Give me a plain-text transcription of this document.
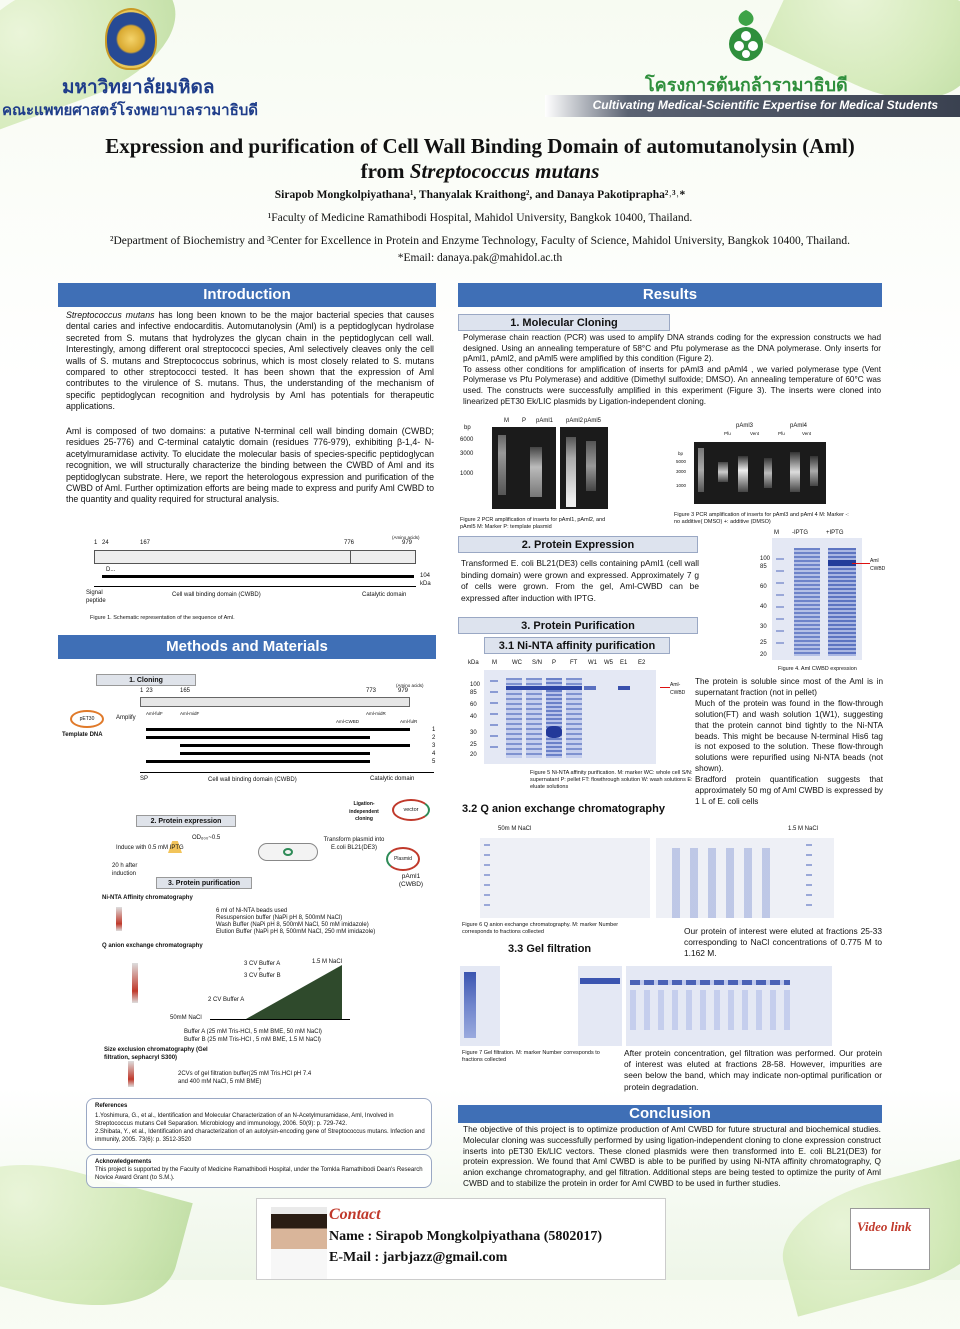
มหาวิทยาลัยมหิดล
คณะแพทยศาสตร์โรงพยาบาลรามาธิบดี
โครงการต้นกล้ารามาธิบดี
Cultivating Medical-Scientific Expertise for Medical Students
Expression and purification of Cell Wall Binding Domain of automutanolysin (Aml)
from Streptococcus mutans
Sirapob Mongkolpiyathana¹, Thanyalak Kraithong², and Danaya Pakotiprapha²˒³˒*
¹Faculty of Medicine Ramathibodi Hospital, Mahidol University, Bangkok 10400, Thailand.
²Department of Biochemistry and ³Center for Excellence in Protein and Enzyme Technology, Faculty of Science, Mahidol University, Bangkok 10400, Thailand.
*Email: danaya.pak@mahidol.ac.th
Introduction
Streptococcus mutans has long been known to be the major bacterial species that causes dental caries and infective endocarditis. Automutanolysin (Aml) is a peptidoglycan hydrolase secreted from S. mutans that hydrolyzes the glycan chain in the peptidoglycan cell wall. Interestingly, among different oral streptococci species, Aml selectively cleaves only the cell walls of S. mutans and Streptococcus sobrinus, which is most closely related to S. mutans compared to other streptococci tested. It has been shown that the expression of Aml contributes to the virulence of S. mutans. Thus, the understanding of the mechanism of specific peptidoglycan recognition and hydrolysis by Aml has potentials for therapeutic applications.
Aml is composed of two domains: a putative N-terminal cell wall binding domain (CWBD; residues 25-776) and C-terminal catalytic domain (residues 776-979), exhibiting β-1,4- N-acetylmuramidase activity. To elucidate the molecular basis of species-specific peptidoglycan recognition, we will structurally characterize the binding between the CWBD of Aml and its peptidoglycan substrate. Here, we report the heterologous expression and purification of the CWBD of Aml. Further optimization efforts are being made to express and purify Aml CWBD to the quantity and quality required for structural analysis.
1 24	167	776
(Amino acids)
979
D...
104 kDa
Signal peptide
Cell wall binding domain (CWBD)	Catalytic domain
Figure 1. Schematic representation of the sequence of Aml.
Methods and Materials
1. Cloning
1 23	165	773
(Amino acids)
979
pET30	Amplify
Template DNA
Aml-fulF	Aml-midF
Aml-CWBD
Aml-midR
Aml-fulR
1
2
3
4
5
SP	Cell wall binding domain (CWBD)	Catalytic domain
Ligation-independent cloning
vector
2. Protein expression
OD₆₀₀~0.5
Induce with 0.5 mM IPTG
20 h after induction
Transform plasmid into E.coli BL21(DE3)
Plasmid
pAml1 (CWBD)
3. Protein purification
Ni-NTA Affinity chromatography
6 ml of Ni-NTA beads used
Resuspension buffer (NaPi pH 8, 500mM NaCl)
Wash Buffer (NaPi pH 8, 500mM NaCl, 50 mM imidazole)
Elution Buffer (NaPi pH 8, 500mM NaCl, 250 mM imidazole)
Q anion exchange chromatography
3 CV Buffer A
+
3 CV Buffer B
2 CV Buffer A
1.5 M NaCl
50mM NaCl
Buffer A (25 mM Tris-HCl, 5 mM BME, 50 mM NaCl)
Buffer B (25 mM Tris-HCl , 5 mM BME, 1.5 M NaCl)
Size exclusion chromatography (Gel filtration, sephacryl S300)
2CVs of gel filtration buffer(25 mM Tris.HCl pH 7.4 and 400 mM NaCl, 5 mM BME)
References
1.Yoshimura, G., et al., Identification and Molecular Characterization of an N-Acetylmuramidase, Aml, Involved in Streptococcus mutans Cell Separation. Microbiology and immunology, 2006. 50(9): p. 729-742.
2.Shibata, Y., et al., Identification and characterization of an autolysin-encoding gene of Streptococcus mutans. Infection and immunity, 2005. 73(6): p. 3512-3520
Acknowledgements
This project is supported by the Faculty of Medicine Ramathibodi Hospital, under the Tomkla Ramathibodi Dean's Research Novice Award Grant (to S.M.).
Results
1. Molecular Cloning
Polymerase chain reaction (PCR) was used to amplify DNA strands coding for the expression constructs we had designed. Using an annealing temperature of 58°C and Pfu polymerase as the DNA polymerase. Only inserts for pAml1, pAml2, and pAml5 were amplified by this condition (Figure 2).
To assess other conditions for amplification of inserts for pAml3 and pAml4 , we varied polymerase type (Vent Polymerase vs Pfu Polymerase) and additive (Dimethyl sulfoxide; DMSO). An annealing temperature of 60°C was used. The constructs were successfully amplified in this experiment (Figure 3). The inserts were cloned into linearized pET30 Ek/LIC plasmids by Ligation-independent cloning.
bp
6000
3000
1000
M P pAml1 pAml2 pAml5
Figure 2 PCR amplification of inserts for pAml1, pAml2, and pAml5 M: Marker P: template plasmid
pAml3	pAml4
Pfu	Vent	Pfu	Vent
bp
5000
3000
1000
Figure 3 PCR amplification of inserts for pAml3 and pAml 4 M: Marker -: no additive( DMSO) +: additive (DMSO)
2. Protein Expression
Transformed E. coli BL21(DE3) cells containing pAml1 (cell wall binding domain) were grown and expressed. Approximately 7 g of cells were grown. From the gel, Aml-CWBD can be expressed after induction with IPTG.
M -IPTG	+IPTG
100
85
60
40
30
25
20
Aml CWBD
Figure 4. Aml CWBD expression
3. Protein Purification
3.1 Ni-NTA affinity purification
kDa M	WC S/N P FT W1 W5 E1 E2
100
85
60
40
30
25
20
Aml-CWBD
Figure 5 Ni-NTA affinity purification. M: marker WC: whole cell S/N: supernatant P: pellet FT: flowthrough solution W: wash solutions E: eluate solutions
The protein is soluble since most of the Aml is in supernatant fraction (not in pellet)
Much of the protein was found in the flow-through solution(FT) and wash solution 1(W1), suggesting that the protein cannot bind tightly to the Ni-NTA beads. This might be because N-terminal His6 tag is not exposed to the solution. These flow-through solutions were repurified using Ni-NTA beads (not shown).
Bradford protein quantification suggests that approximately 50 mg of Aml CWBD is expressed by 1 L of E. coli cells
3.2 Q anion exchange chromatography
50m M NaCl	1.5 M NaCl
Figure 6 Q anion exchange chromatography. M: marker Number corresponds to fractions collected	Our protein of interest were eluted at fractions 25-33 corresponding to NaCl concentrations of 0.775 M to 1.162 M.
3.3 Gel filtration
Figure 7 Gel filtration. M: marker Number corresponds to fractions collected
After protein concentration, gel filtration was performed. Our protein of interest was eluted at fractions 28-58. However, impurities are seen below the band, which may indicate non-optimal purification or protein degradation.
Conclusion
The objective of this project is to optimize production of Aml CWBD for future structural and biochemical studies. Molecular cloning was successfully performed by using ligation-independent cloning to clone expression construct inserts into pET30 Ek/LIC vectors. These cloned plasmids were then transformed into E. coli BL21(DE3) for protein expression. We found that Aml CWBD is able to be purified by using Ni-NTA affinity chromatography, Q anion exchange chromatography, and gel filtration. Additional steps are being tested to optimize the purity of Aml CWBD and to stabilize the protein in order for Aml CWBD to be used in further studies.
Contact
Name : Sirapob Mongkolpiyathana (5802017)
E-Mail : jarbjazz@gmail.com
Video link
